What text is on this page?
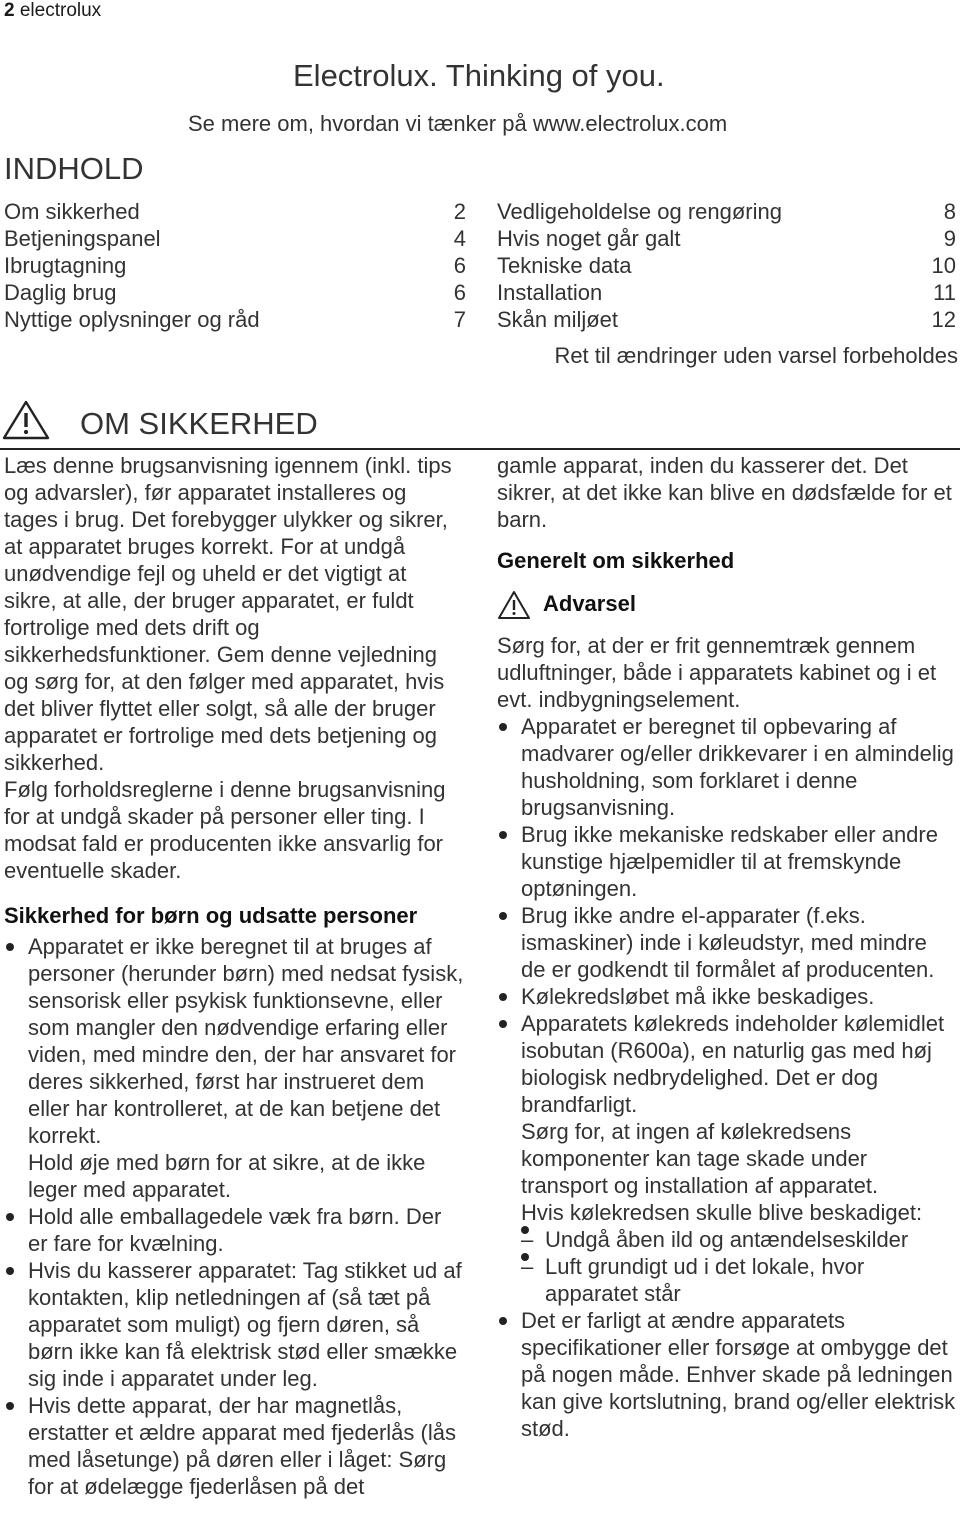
2 electrolux
Electrolux. Thinking of you.
Se mere om, hvordan vi tænker på www.electrolux.com
INDHOLD
Om sikkerhed	2
Betjeningspanel	4
Ibrugtagning	6
Daglig brug	6
Nyttige oplysninger og råd	7
Vedligeholdelse og rengøring	8
Hvis noget går galt	9
Tekniske data	10
Installation	11
Skån miljøet	12
Ret til ændringer uden varsel forbeholdes
OM SIKKERHED

Læs denne brugsanvisning igennem (inkl. tips og advarsler), før apparatet installeres og tages i brug. Det forebygger ulykker og sikrer, at apparatet bruges korrekt. For at undgå unødvendige fejl og uheld er det vigtigt at sikre, at alle, der bruger apparatet, er fuldt fortrolige med dets drift og sikkerhedsfunktioner. Gem denne vejledning og sørg for, at den følger med apparatet, hvis det bliver flyttet eller solgt, så alle der bruger apparatet er fortrolige med dets betjening og sikkerhed.

Følg forholdsreglerne i denne brugsanvisning for at undgå skader på personer eller ting. I modsat fald er producenten ikke ansvarlig for eventuelle skader.

Sikkerhed for børn og udsatte personer

Apparatet er ikke beregnet til at bruges af personer (herunder børn) med nedsat fysisk, sensorisk eller psykisk funktionsevne, eller som mangler den nødvendige erfaring eller viden, med mindre den, der har ansvaret for deres sikkerhed, først har instrueret dem eller har kontrolleret, at de kan betjene det korrekt.
Hold øje med børn for at sikre, at de ikke leger med apparatet.
Hold alle emballagedele væk fra børn. Der er fare for kvælning.
Hvis du kasserer apparatet: Tag stikket ud af kontakten, klip netledningen af (så tæt på apparatet som muligt) og fjern døren, så børn ikke kan få elektrisk stød eller smække sig inde i apparatet under leg.
Hvis dette apparat, der har magnetlås, erstatter et ældre apparat med fjederlås (lås med låsetunge) på døren eller i låget: Sørg for at ødelægge fjederlåsen på det

gamle apparat, inden du kasserer det. Det sikrer, at det ikke kan blive en dødsfælde for et barn.

Generelt om sikkerhed

Advarsel

Sørg for, at der er frit gennemtræk gennem udluftninger, både i apparatets kabinet og i et evt. indbygningselement.

Apparatet er beregnet til opbevaring af madvarer og/eller drikkevarer i en almindelig husholdning, som forklaret i denne brugsanvisning.
Brug ikke mekaniske redskaber eller andre kunstige hjælpemidler til at fremskynde optøningen.
Brug ikke andre el-apparater (f.eks. ismaskiner) inde i køleudstyr, med mindre de er godkendt til formålet af producenten.
Kølekredsløbet må ikke beskadiges.
Apparatets kølekreds indeholder kølemidlet isobutan (R600a), en naturlig gas med høj biologisk nedbrydelighed. Det er dog brandfarligt.
Sørg for, at ingen af kølekredsens komponenter kan tage skade under transport og installation af apparatet.
Hvis kølekredsen skulle blive beskadiget:
– Undgå åben ild og antændelseskilder
– Luft grundigt ud i det lokale, hvor apparatet står
Det er farligt at ændre apparatets specifikationer eller forsøge at ombygge det på nogen måde. Enhver skade på ledningen kan give kortslutning, brand og/eller elektrisk stød.
